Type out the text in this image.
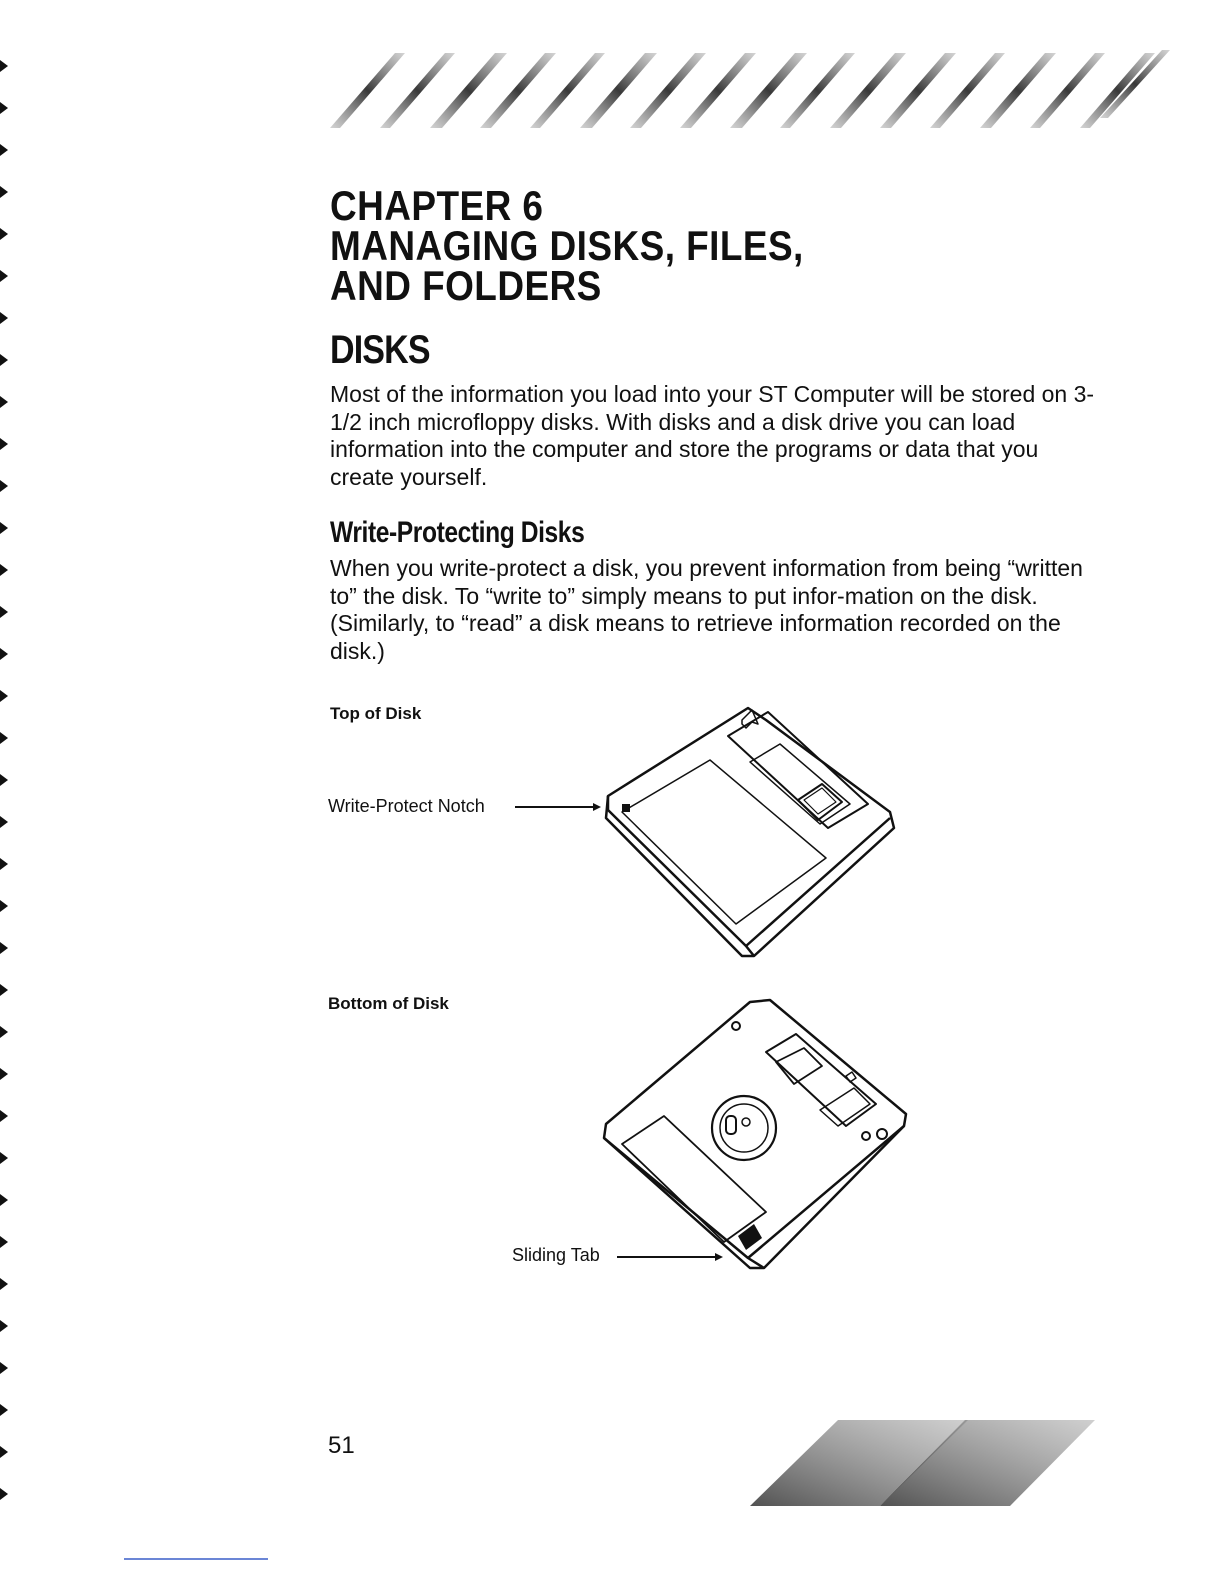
CHAPTER 6
MANAGING DISKS, FILES,
AND FOLDERS
DISKS

Most of the information you load into your ST Computer will be stored on 3-1/2 inch microfloppy disks. With disks and a disk drive you can load information into the computer and store the programs or data that you create yourself.

Write-Protecting Disks

When you write-protect a disk, you prevent information from being “written to” the disk. To “write to” simply means to put infor-mation on the disk. (Similarly, to “read” a disk means to retrieve information recorded on the disk.)

Top of Disk
Write-Protect Notch
Bottom of Disk
Sliding Tab
51
